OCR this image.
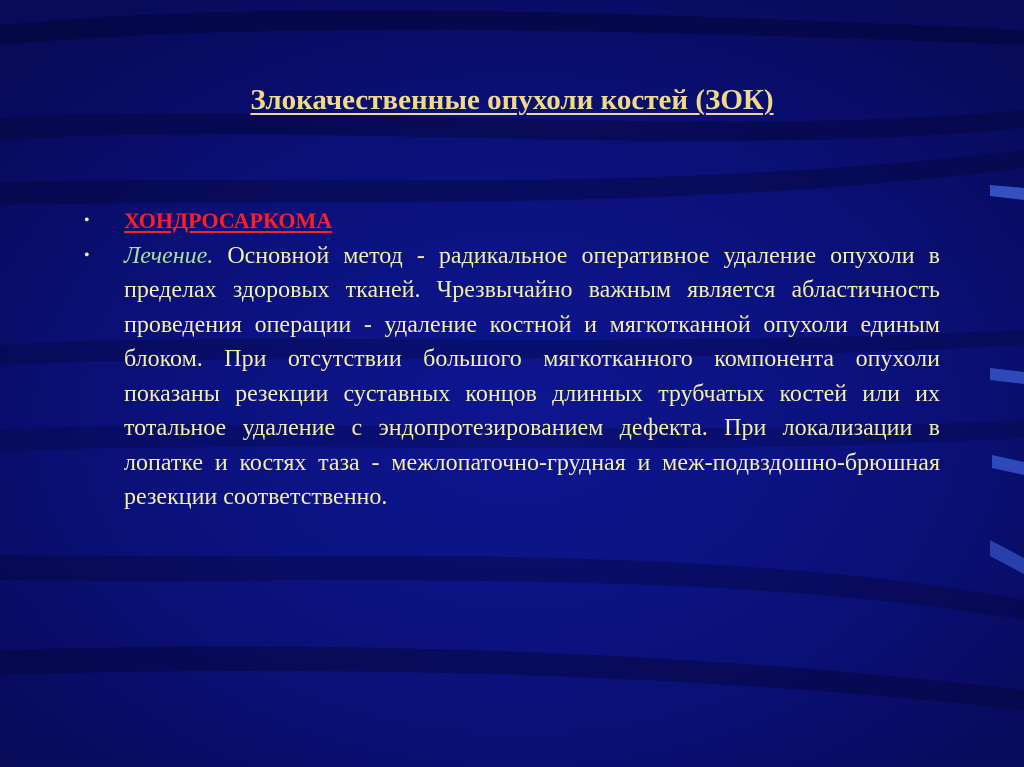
Злокачественные опухоли костей (ЗОК)
•	ХОНДРОСАРКОМА
•	Лечение. Основной метод - радикальное оперативное удаление опухоли в пределах здоровых тканей. Чрезвычайно важным является абластичность проведения операции - удаление костной и мягкотканной опухоли единым блоком. При отсутствии большого мягкотканного компонента опухоли показаны резекции суставных концов длинных трубчатых костей или их тотальное удаление с эндопротезированием дефекта. При локализации в лопатке и костях таза - межлопаточно-грудная и меж-подвздошно-брюшная резекции соответственно.
